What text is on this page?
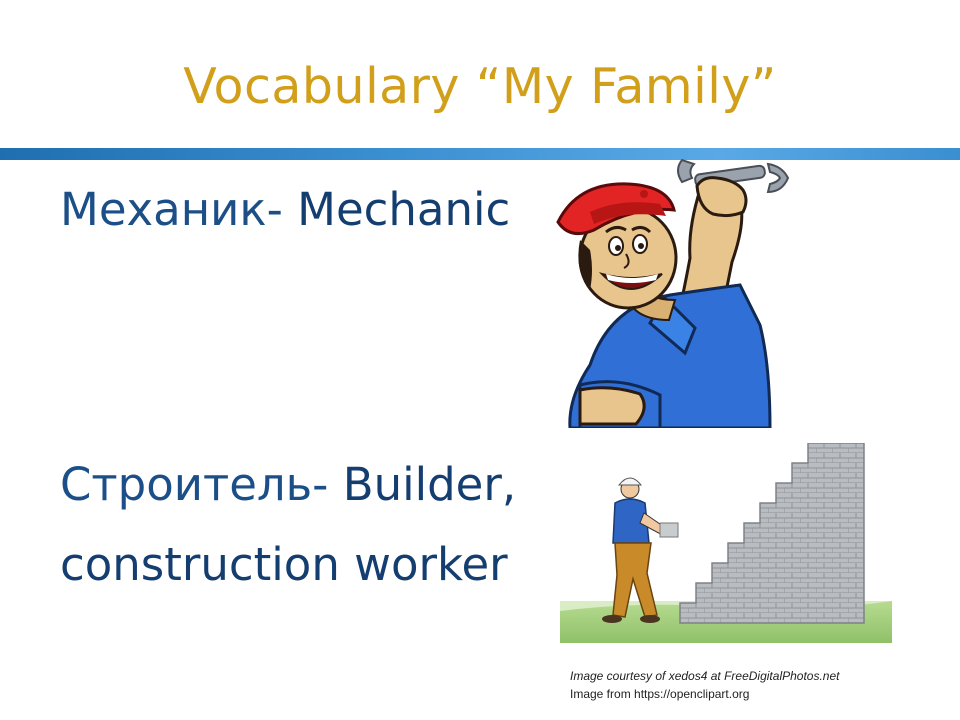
Vocabulary “My Family”
Механик- Mechanic
Строитель- Builder,
construction worker
Image courtesy of xedos4 at FreeDigitalPhotos.net
Image from https://openclipart.org
